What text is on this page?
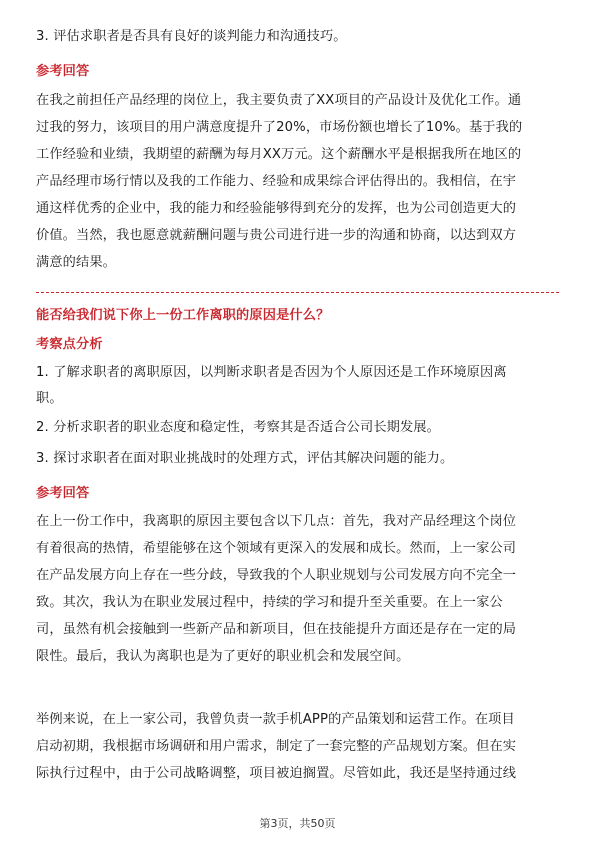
3. 评估求职者是否具有良好的谈判能力和沟通技巧。
参考回答
在我之前担任产品经理的岗位上，我主要负责了XX项目的产品设计及优化工作。通
过我的努力，该项目的用户满意度提升了20%，市场份额也增长了10%。基于我的
工作经验和业绩，我期望的薪酬为每月XX万元。这个薪酬水平是根据我所在地区的
产品经理市场行情以及我的工作能力、经验和成果综合评估得出的。我相信，在宇
通这样优秀的企业中，我的能力和经验能够得到充分的发挥，也为公司创造更大的
价值。当然，我也愿意就薪酬问题与贵公司进行进一步的沟通和协商，以达到双方
满意的结果。
能否给我们说下你上一份工作离职的原因是什么？
考察点分析
1. 了解求职者的离职原因，以判断求职者是否因为个人原因还是工作环境原因离
职。
2. 分析求职者的职业态度和稳定性，考察其是否适合公司长期发展。
3. 探讨求职者在面对职业挑战时的处理方式，评估其解决问题的能力。
参考回答
在上一份工作中，我离职的原因主要包含以下几点：首先，我对产品经理这个岗位
有着很高的热情，希望能够在这个领域有更深入的发展和成长。然而，上一家公司
在产品发展方向上存在一些分歧，导致我的个人职业规划与公司发展方向不完全一
致。其次，我认为在职业发展过程中，持续的学习和提升至关重要。在上一家公
司，虽然有机会接触到一些新产品和新项目，但在技能提升方面还是存在一定的局
限性。最后，我认为离职也是为了更好的职业机会和发展空间。
举例来说，在上一家公司，我曾负责一款手机APP的产品策划和运营工作。在项目
启动初期，我根据市场调研和用户需求，制定了一套完整的产品规划方案。但在实
际执行过程中，由于公司战略调整，项目被迫搁置。尽管如此，我还是坚持通过线
第3页，共50页
